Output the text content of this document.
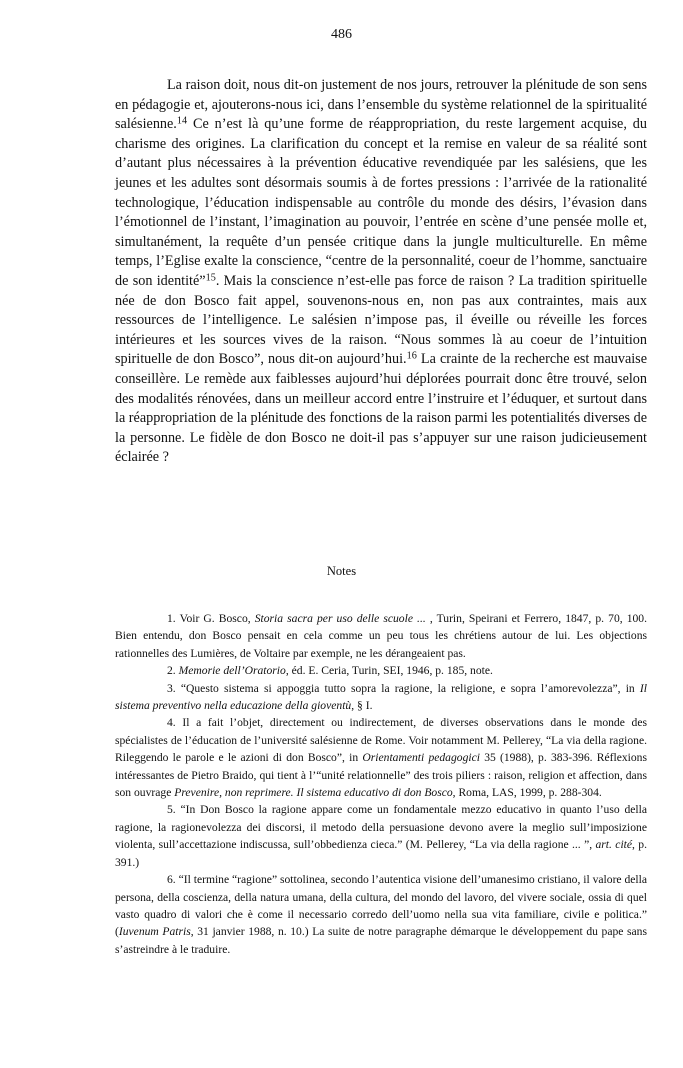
486

La raison doit, nous dit-on justement de nos jours, retrouver la plénitude de son sens en pédagogie et, ajouterons-nous ici, dans l’ensemble du système relationnel de la spiritualité salésienne.$^{14}$ Ce n’est là qu’une forme de réappropriation, du reste largement acquise, du charisme des origines. La clarification du concept et la remise en valeur de sa réalité sont d’autant plus nécessaires à la prévention éducative revendiquée par les salésiens, que les jeunes et les adultes sont désormais soumis à de fortes pressions : l’arrivée de la rationalité technologique, l’éducation indispensable au contrôle du monde des désirs, l’évasion dans l’émotionnel de l’instant, l’imagination au pouvoir, l’entrée en scène d’une pensée molle et, simultanément, la requête d’un pensée critique dans la jungle multiculturelle. En même temps, l’Eglise exalte la conscience, “centre de la personnalité, coeur de l’homme, sanctuaire de son identité”$^{15}$. Mais la conscience n’est-elle pas force de raison ? La tradition spirituelle née de don Bosco fait appel, souvenons-nous en, non pas aux contraintes, mais aux ressources de l’intelligence. Le salésien n’impose pas, il éveille ou réveille les forces intérieures et les sources vives de la raison. “Nous sommes là au coeur de l’intuition spirituelle de don Bosco”, nous dit-on aujourd’hui.$^{16}$ La crainte de la recherche est mauvaise conseillère. Le remède aux faiblesses aujourd’hui déplorées pourrait donc être trouvé, selon des modalités rénovées, dans un meilleur accord entre l’instruire et l’éduquer, et surtout dans la réappropriation de la plénitude des fonctions de la raison parmi les potentialités diverses de la personne. Le fidèle de don Bosco ne doit-il pas s’appuyer sur une raison judicieusement éclairée ?

Notes

1. Voir G. Bosco, Storia sacra per uso delle scuole ... , Turin, Speirani et Ferrero, 1847, p. 70, 100. Bien entendu, don Bosco pensait en cela comme un peu tous les chrétiens autour de lui. Les objections rationnelles des Lumières, de Voltaire par exemple, ne les dérangeaient pas.

2. Memorie dell’Oratorio, éd. E. Ceria, Turin, SEI, 1946, p. 185, note.

3. “Questo sistema si appoggia tutto sopra la ragione, la religione, e sopra l’amorevolezza”, in Il sistema preventivo nella educazione della gioventù, § I.

4. Il a fait l’objet, directement ou indirectement, de diverses observations dans le monde des spécialistes de l’éducation de l’université salésienne de Rome. Voir notamment M. Pellerey, “La via della ragione. Rileggendo le parole e le azioni di don Bosco”, in Orientamenti pedagogici 35 (1988), p. 383-396. Réflexions intéressantes de Pietro Braido, qui tient à l’“unité relationnelle” des trois piliers : raison, religion et affection, dans son ouvrage Prevenire, non reprimere. Il sistema educativo di don Bosco, Roma, LAS, 1999, p. 288-304.

5. “In Don Bosco la ragione appare come un fondamentale mezzo educativo in quanto l’uso della ragione, la ragionevolezza dei discorsi, il metodo della persuasione devono avere la meglio sull’imposizione violenta, sull’accettazione indiscussa, sull’obbedienza cieca.” (M. Pellerey, “La via della ragione ... ”, art. cité, p. 391.)

6. “Il termine “ragione” sottolinea, secondo l’autentica visione dell’umanesimo cristiano, il valore della persona, della coscienza, della natura umana, della cultura, del mondo del lavoro, del vivere sociale, ossia di quel vasto quadro di valori che è come il necessario corredo dell’uomo nella sua vita familiare, civile e politica.” (Iuvenum Patris, 31 janvier 1988, n. 10.) La suite de notre paragraphe démarque le développement du pape sans s’astreindre à le traduire.
